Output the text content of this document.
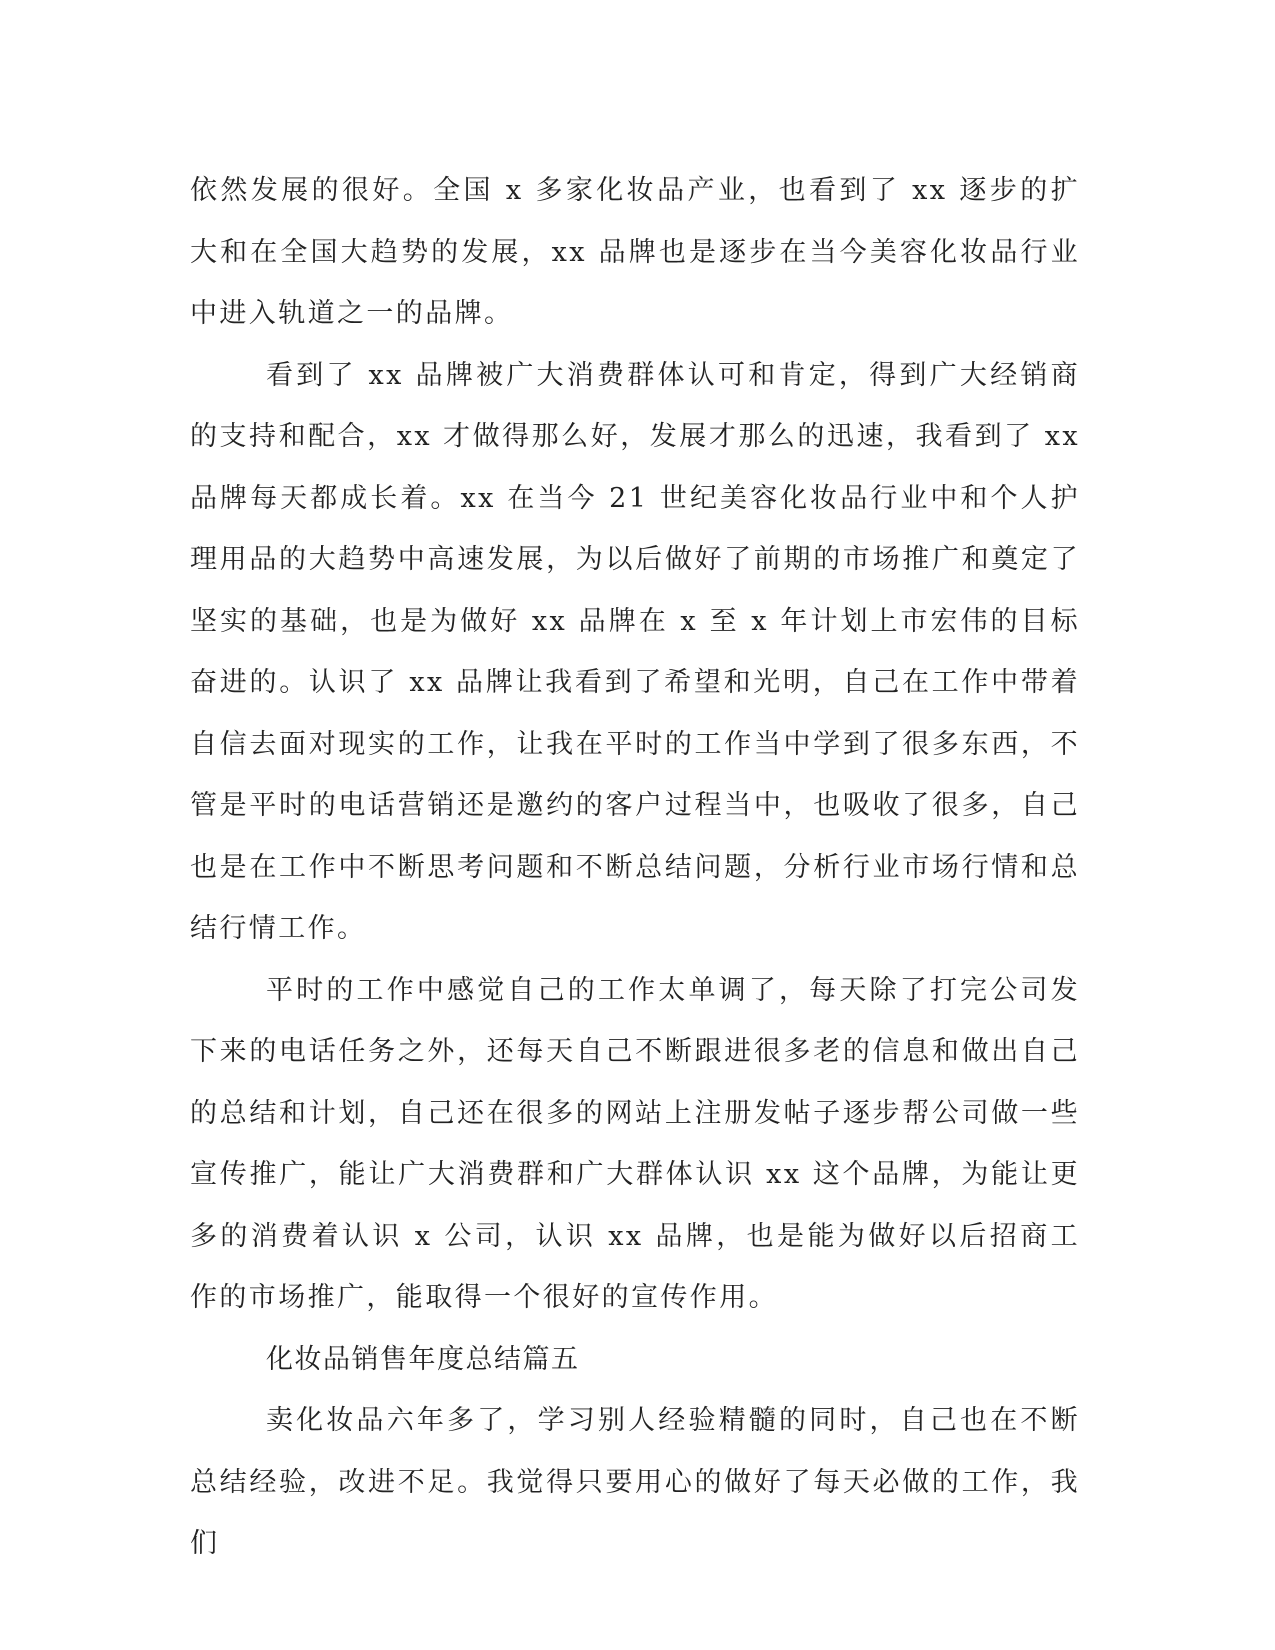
依然发展的很好。全国 x 多家化妆品产业，也看到了 xx 逐步的扩大和在全国大趋势的发展，xx 品牌也是逐步在当今美容化妆品行业中进入轨道之一的品牌。

看到了 xx 品牌被广大消费群体认可和肯定，得到广大经销商的支持和配合，xx 才做得那么好，发展才那么的迅速，我看到了 xx 品牌每天都成长着。xx 在当今 21 世纪美容化妆品行业中和个人护理用品的大趋势中高速发展，为以后做好了前期的市场推广和奠定了坚实的基础，也是为做好 xx 品牌在 x 至 x 年计划上市宏伟的目标奋进的。认识了 xx 品牌让我看到了希望和光明，自己在工作中带着自信去面对现实的工作，让我在平时的工作当中学到了很多东西，不管是平时的电话营销还是邀约的客户过程当中，也吸收了很多，自己也是在工作中不断思考问题和不断总结问题，分析行业市场行情和总结行情工作。

平时的工作中感觉自己的工作太单调了，每天除了打完公司发下来的电话任务之外，还每天自己不断跟进很多老的信息和做出自己的总结和计划，自己还在很多的网站上注册发帖子逐步帮公司做一些宣传推广，能让广大消费群和广大群体认识 xx 这个品牌，为能让更多的消费着认识 x 公司，认识 xx 品牌，也是能为做好以后招商工作的市场推广，能取得一个很好的宣传作用。

化妆品销售年度总结篇五

卖化妆品六年多了，学习别人经验精髓的同时，自己也在不断总结经验，改进不足。我觉得只要用心的做好了每天必做的工作，我们
